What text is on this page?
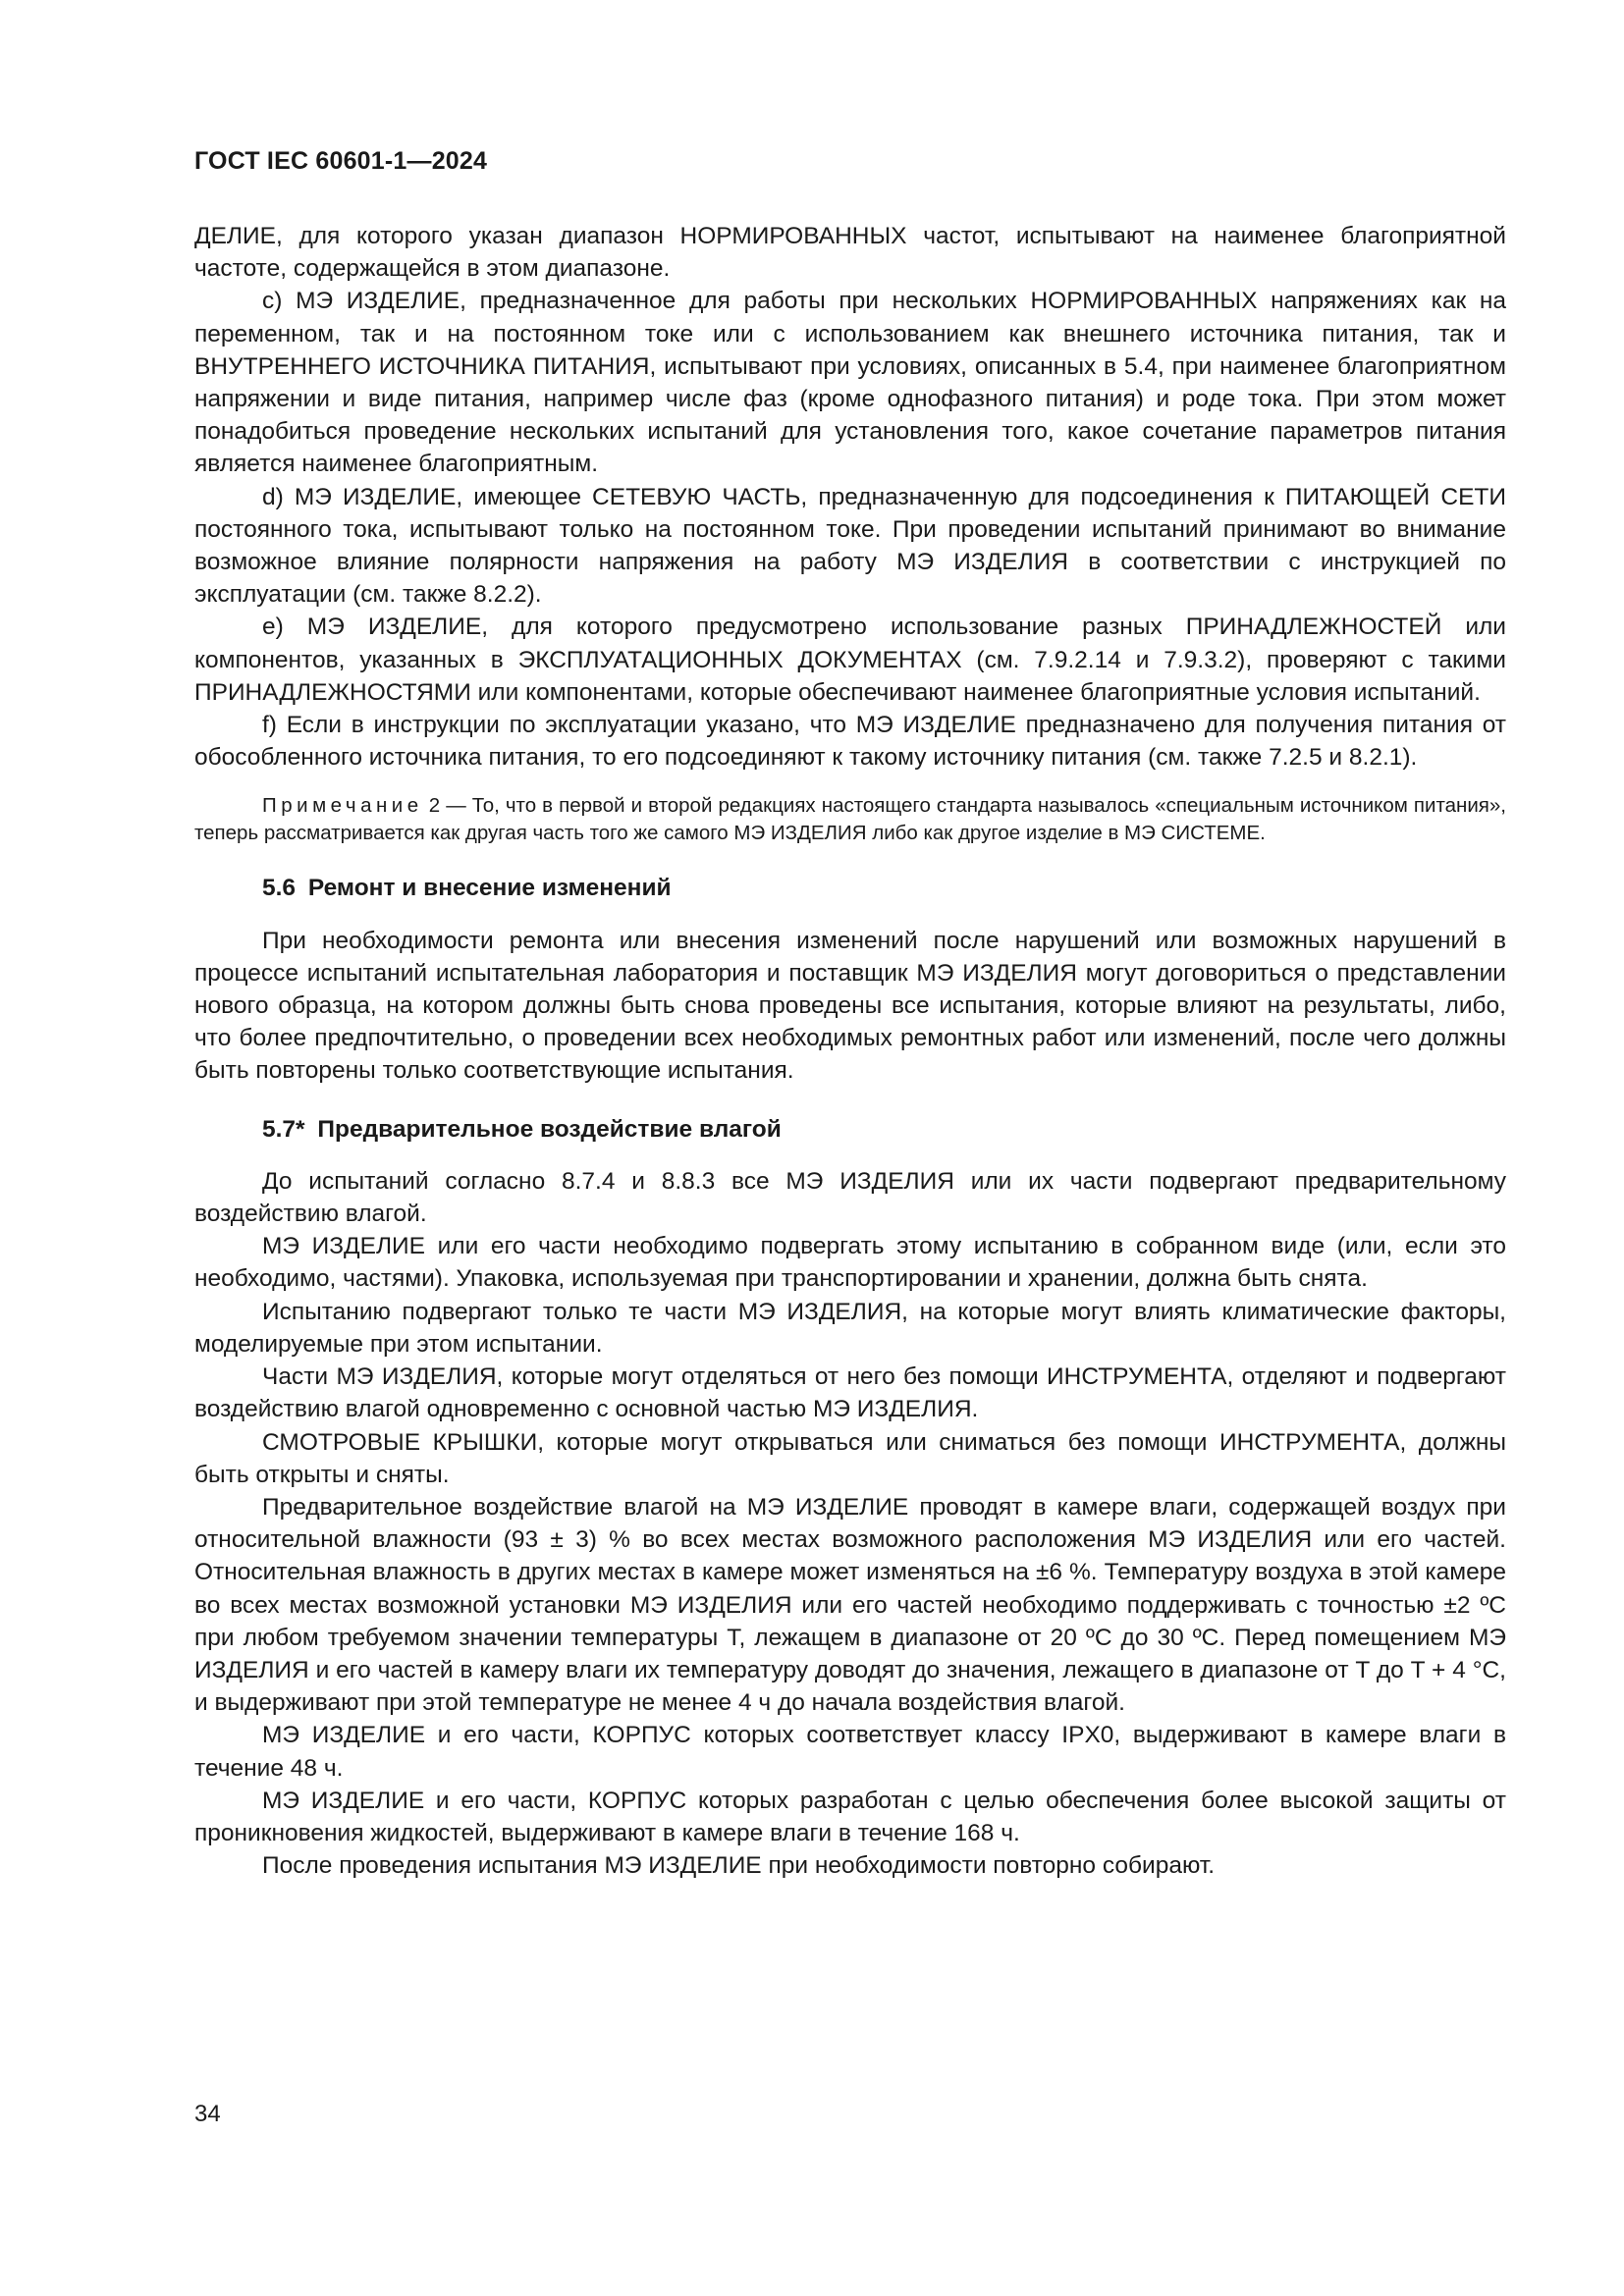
ГОСТ IEC 60601-1—2024

ДЕЛИЕ, для которого указан диапазон НОРМИРОВАННЫХ частот, испытывают на наименее благоприятной частоте, содержащейся в этом диапазоне.

c) МЭ ИЗДЕЛИЕ, предназначенное для работы при нескольких НОРМИРОВАННЫХ напряжениях как на переменном, так и на постоянном токе или с использованием как внешнего источника питания, так и ВНУТРЕННЕГО ИСТОЧНИКА ПИТАНИЯ, испытывают при условиях, описанных в 5.4, при наименее благоприятном напряжении и виде питания, например числе фаз (кроме однофазного питания) и роде тока. При этом может понадобиться проведение нескольких испытаний для установления того, какое сочетание параметров питания является наименее благоприятным.

d) МЭ ИЗДЕЛИЕ, имеющее СЕТЕВУЮ ЧАСТЬ, предназначенную для подсоединения к ПИТАЮЩЕЙ СЕТИ постоянного тока, испытывают только на постоянном токе. При проведении испытаний принимают во внимание возможное влияние полярности напряжения на работу МЭ ИЗДЕЛИЯ в соответствии с инструкцией по эксплуатации (см. также 8.2.2).

e) МЭ ИЗДЕЛИЕ, для которого предусмотрено использование разных ПРИНАДЛЕЖНОСТЕЙ или компонентов, указанных в ЭКСПЛУАТАЦИОННЫХ ДОКУМЕНТАХ (см. 7.9.2.14 и 7.9.3.2), проверяют с такими ПРИНАДЛЕЖНОСТЯМИ или компонентами, которые обеспечивают наименее благоприятные условия испытаний.

f) Если в инструкции по эксплуатации указано, что МЭ ИЗДЕЛИЕ предназначено для получения питания от обособленного источника питания, то его подсоединяют к такому источнику питания (см. также 7.2.5 и 8.2.1).

Примечание 2 — То, что в первой и второй редакциях настоящего стандарта называлось «специальным источником питания», теперь рассматривается как другая часть того же самого МЭ ИЗДЕЛИЯ либо как другое изделие в МЭ СИСТЕМЕ.

5.6 Ремонт и внесение изменений

При необходимости ремонта или внесения изменений после нарушений или возможных нарушений в процессе испытаний испытательная лаборатория и поставщик МЭ ИЗДЕЛИЯ могут договориться о представлении нового образца, на котором должны быть снова проведены все испытания, которые влияют на результаты, либо, что более предпочтительно, о проведении всех необходимых ремонтных работ или изменений, после чего должны быть повторены только соответствующие испытания.

5.7* Предварительное воздействие влагой

До испытаний согласно 8.7.4 и 8.8.3 все МЭ ИЗДЕЛИЯ или их части подвергают предварительному воздействию влагой.

МЭ ИЗДЕЛИЕ или его части необходимо подвергать этому испытанию в собранном виде (или, если это необходимо, частями). Упаковка, используемая при транспортировании и хранении, должна быть снята.

Испытанию подвергают только те части МЭ ИЗДЕЛИЯ, на которые могут влиять климатические факторы, моделируемые при этом испытании.

Части МЭ ИЗДЕЛИЯ, которые могут отделяться от него без помощи ИНСТРУМЕНТА, отделяют и подвергают воздействию влагой одновременно с основной частью МЭ ИЗДЕЛИЯ.

СМОТРОВЫЕ КРЫШКИ, которые могут открываться или сниматься без помощи ИНСТРУМЕНТА, должны быть открыты и сняты.

Предварительное воздействие влагой на МЭ ИЗДЕЛИЕ проводят в камере влаги, содержащей воздух при относительной влажности (93 ± 3) % во всех местах возможного расположения МЭ ИЗДЕЛИЯ или его частей. Относительная влажность в других местах в камере может изменяться на ±6 %. Температуру воздуха в этой камере во всех местах возможной установки МЭ ИЗДЕЛИЯ или его частей необходимо поддерживать с точностью ±2 ºС при любом требуемом значении температуры T, лежащем в диапазоне от 20 ºС до 30 ºС. Перед помещением МЭ ИЗДЕЛИЯ и его частей в камеру влаги их температуру доводят до значения, лежащего в диапазоне от T до T + 4 °С, и выдерживают при этой температуре не менее 4 ч до начала воздействия влагой.

МЭ ИЗДЕЛИЕ и его части, КОРПУС которых соответствует классу IPX0, выдерживают в камере влаги в течение 48 ч.

МЭ ИЗДЕЛИЕ и его части, КОРПУС которых разработан с целью обеспечения более высокой защиты от проникновения жидкостей, выдерживают в камере влаги в течение 168 ч.

После проведения испытания МЭ ИЗДЕЛИЕ при необходимости повторно собирают.

34
